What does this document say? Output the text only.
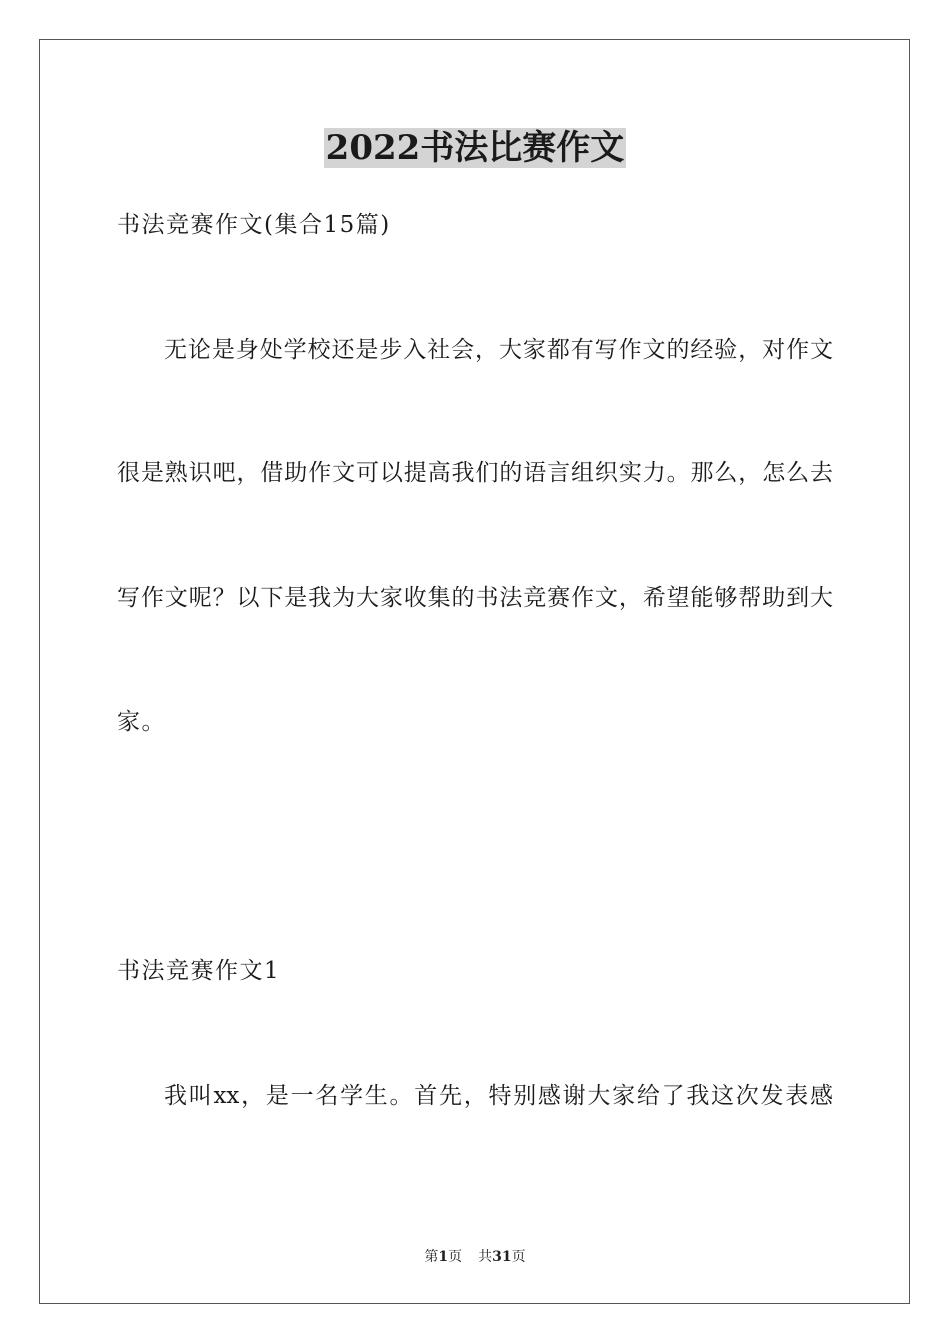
2022书法比赛作文
书法竞赛作文(集合15篇)
无论是身处学校还是步入社会，大家都有写作文的经验，对作文
很是熟识吧，借助作文可以提高我们的语言组织实力。那么，怎么去
写作文呢？以下是我为大家收集的书法竞赛作文，希望能够帮助到大
家。
书法竞赛作文1
我叫xx，是一名学生。首先，特别感谢大家给了我这次发表感
第1页 共31页
